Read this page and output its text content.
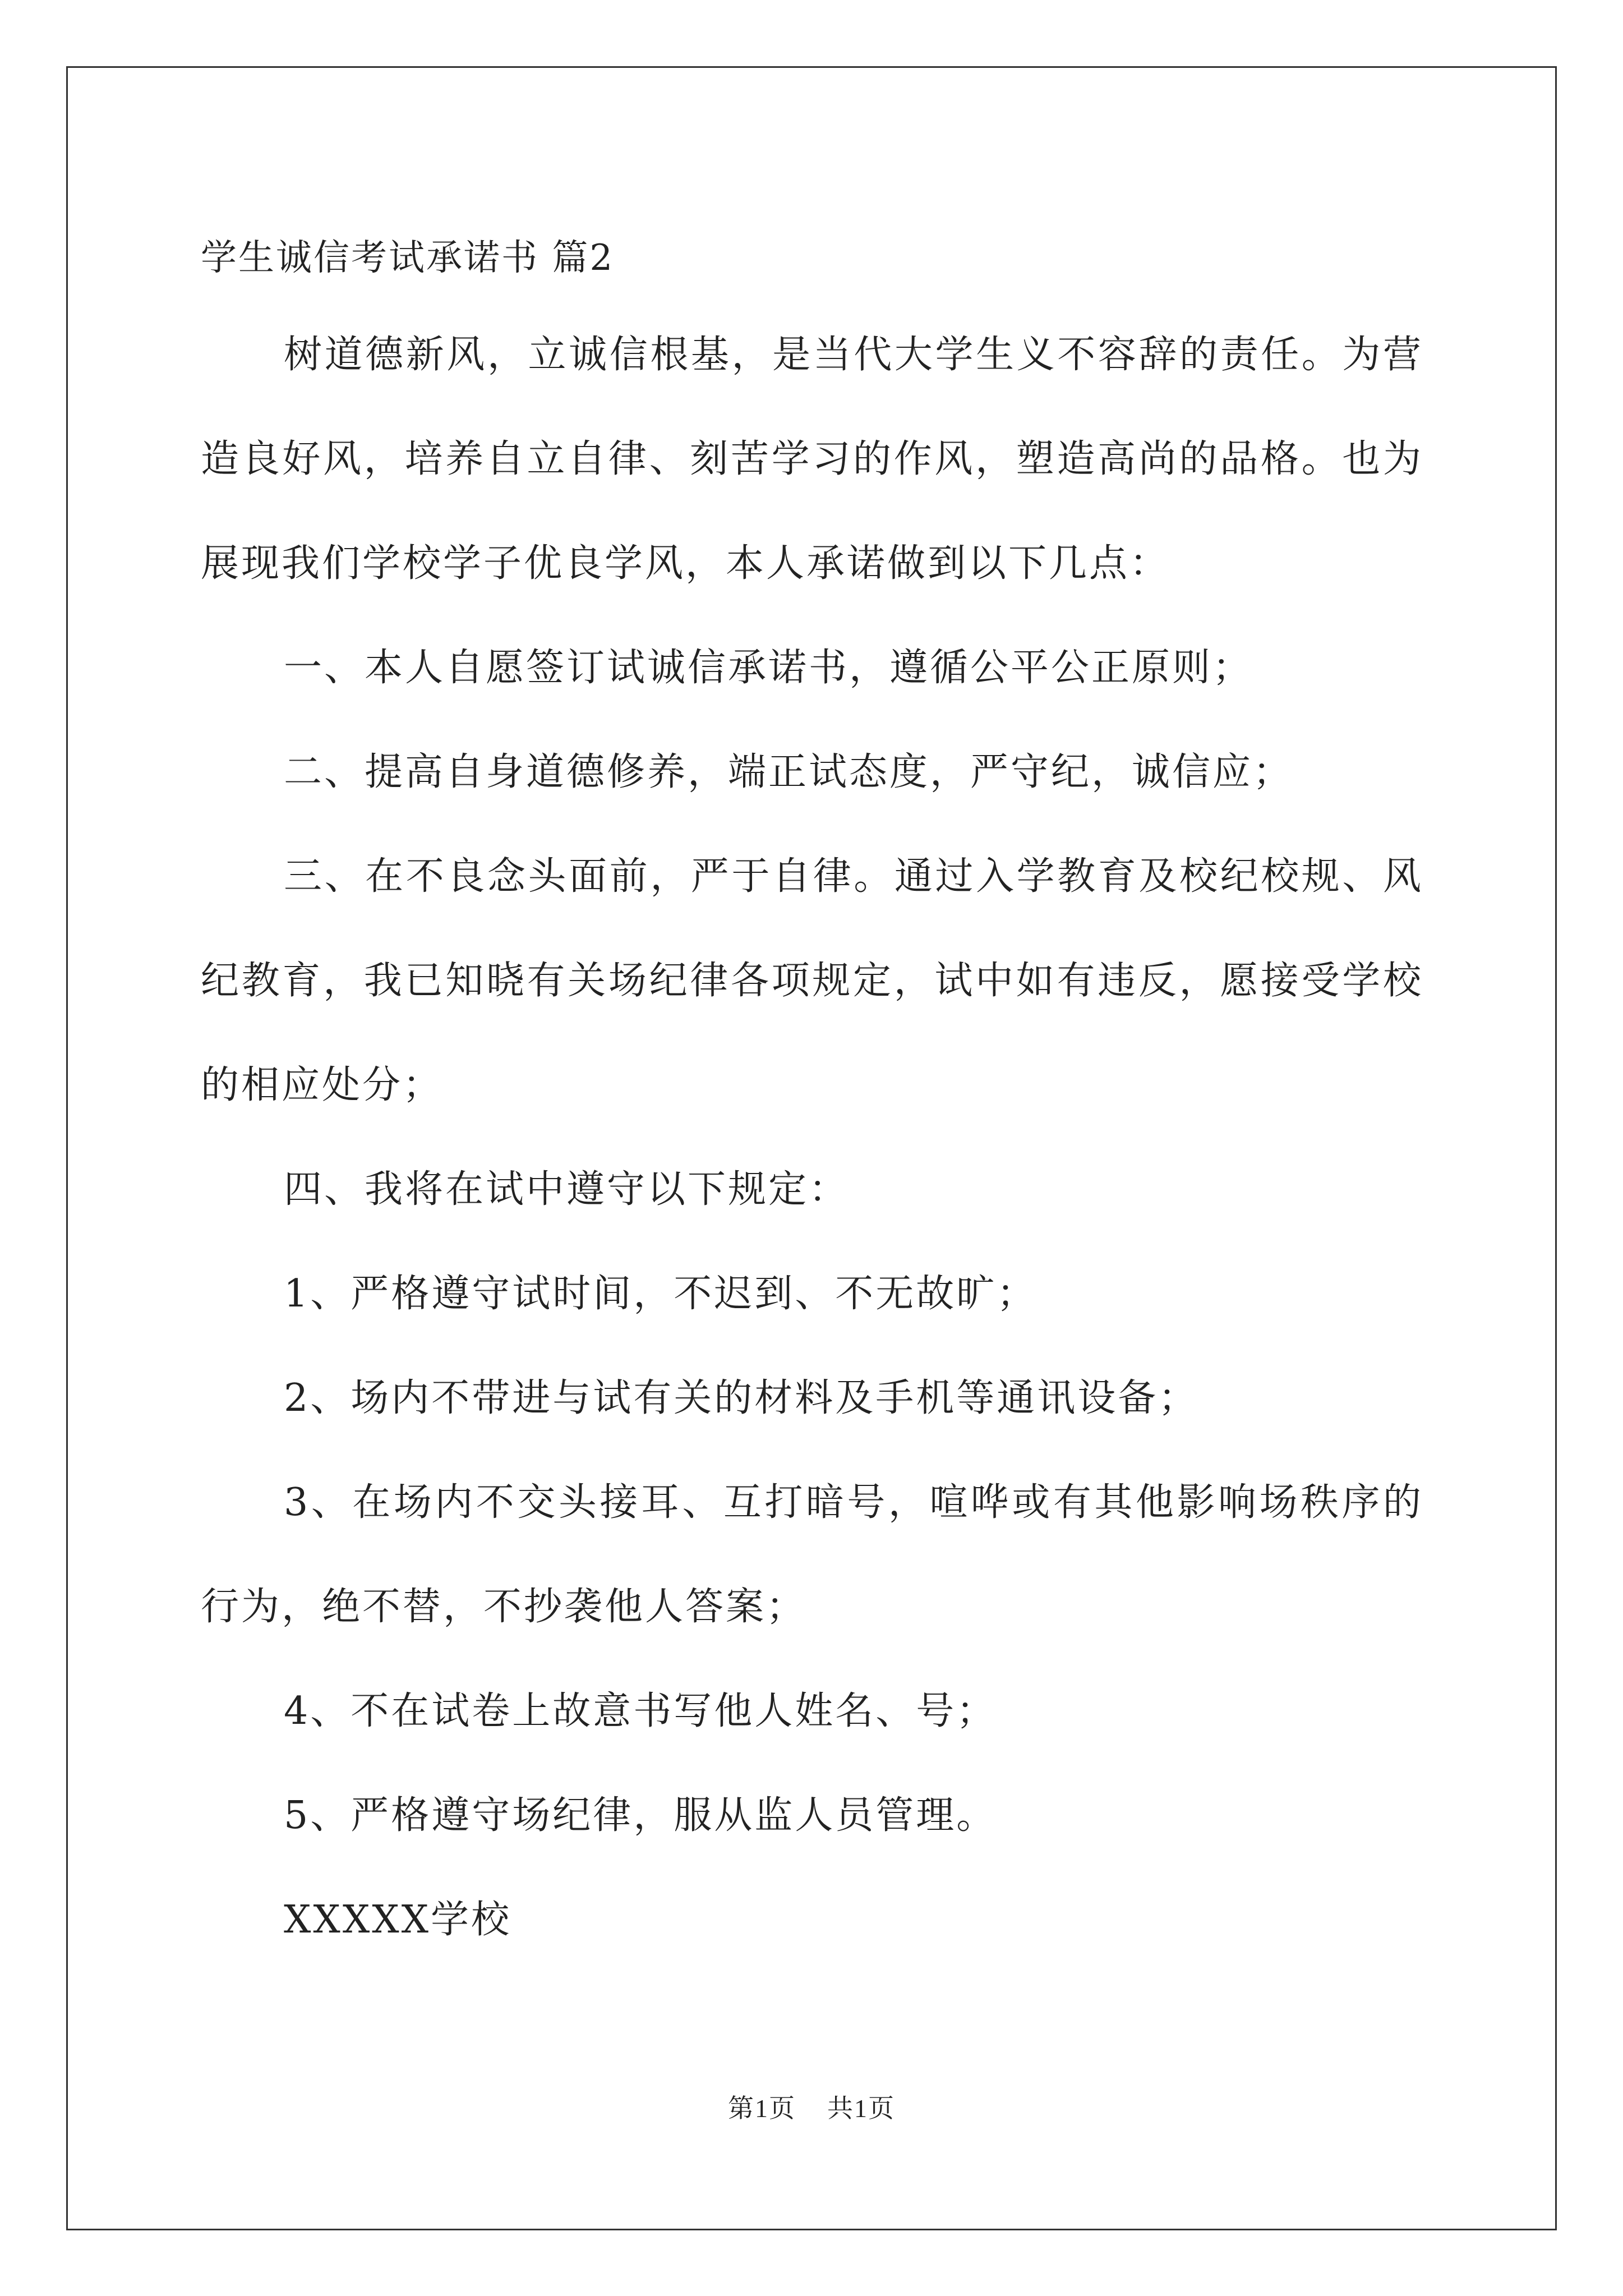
学生诚信考试承诺书 篇2

树道德新风，立诚信根基，是当代大学生义不容辞的责任。为营造良好风，培养自立自律、刻苦学习的作风，塑造高尚的品格。也为展现我们学校学子优良学风，本人承诺做到以下几点：

一、本人自愿签订试诚信承诺书，遵循公平公正原则；

二、提高自身道德修养，端正试态度，严守纪，诚信应；

三、在不良念头面前，严于自律。通过入学教育及校纪校规、风纪教育，我已知晓有关场纪律各项规定，试中如有违反，愿接受学校的相应处分；

四、我将在试中遵守以下规定：

1、严格遵守试时间，不迟到、不无故旷；

2、场内不带进与试有关的材料及手机等通讯设备；

3、在场内不交头接耳、互打暗号，喧哗或有其他影响场秩序的行为，绝不替，不抄袭他人答案；

4、不在试卷上故意书写他人姓名、号；

5、严格遵守场纪律，服从监人员管理。

XXXXX学校

第1页 共1页
